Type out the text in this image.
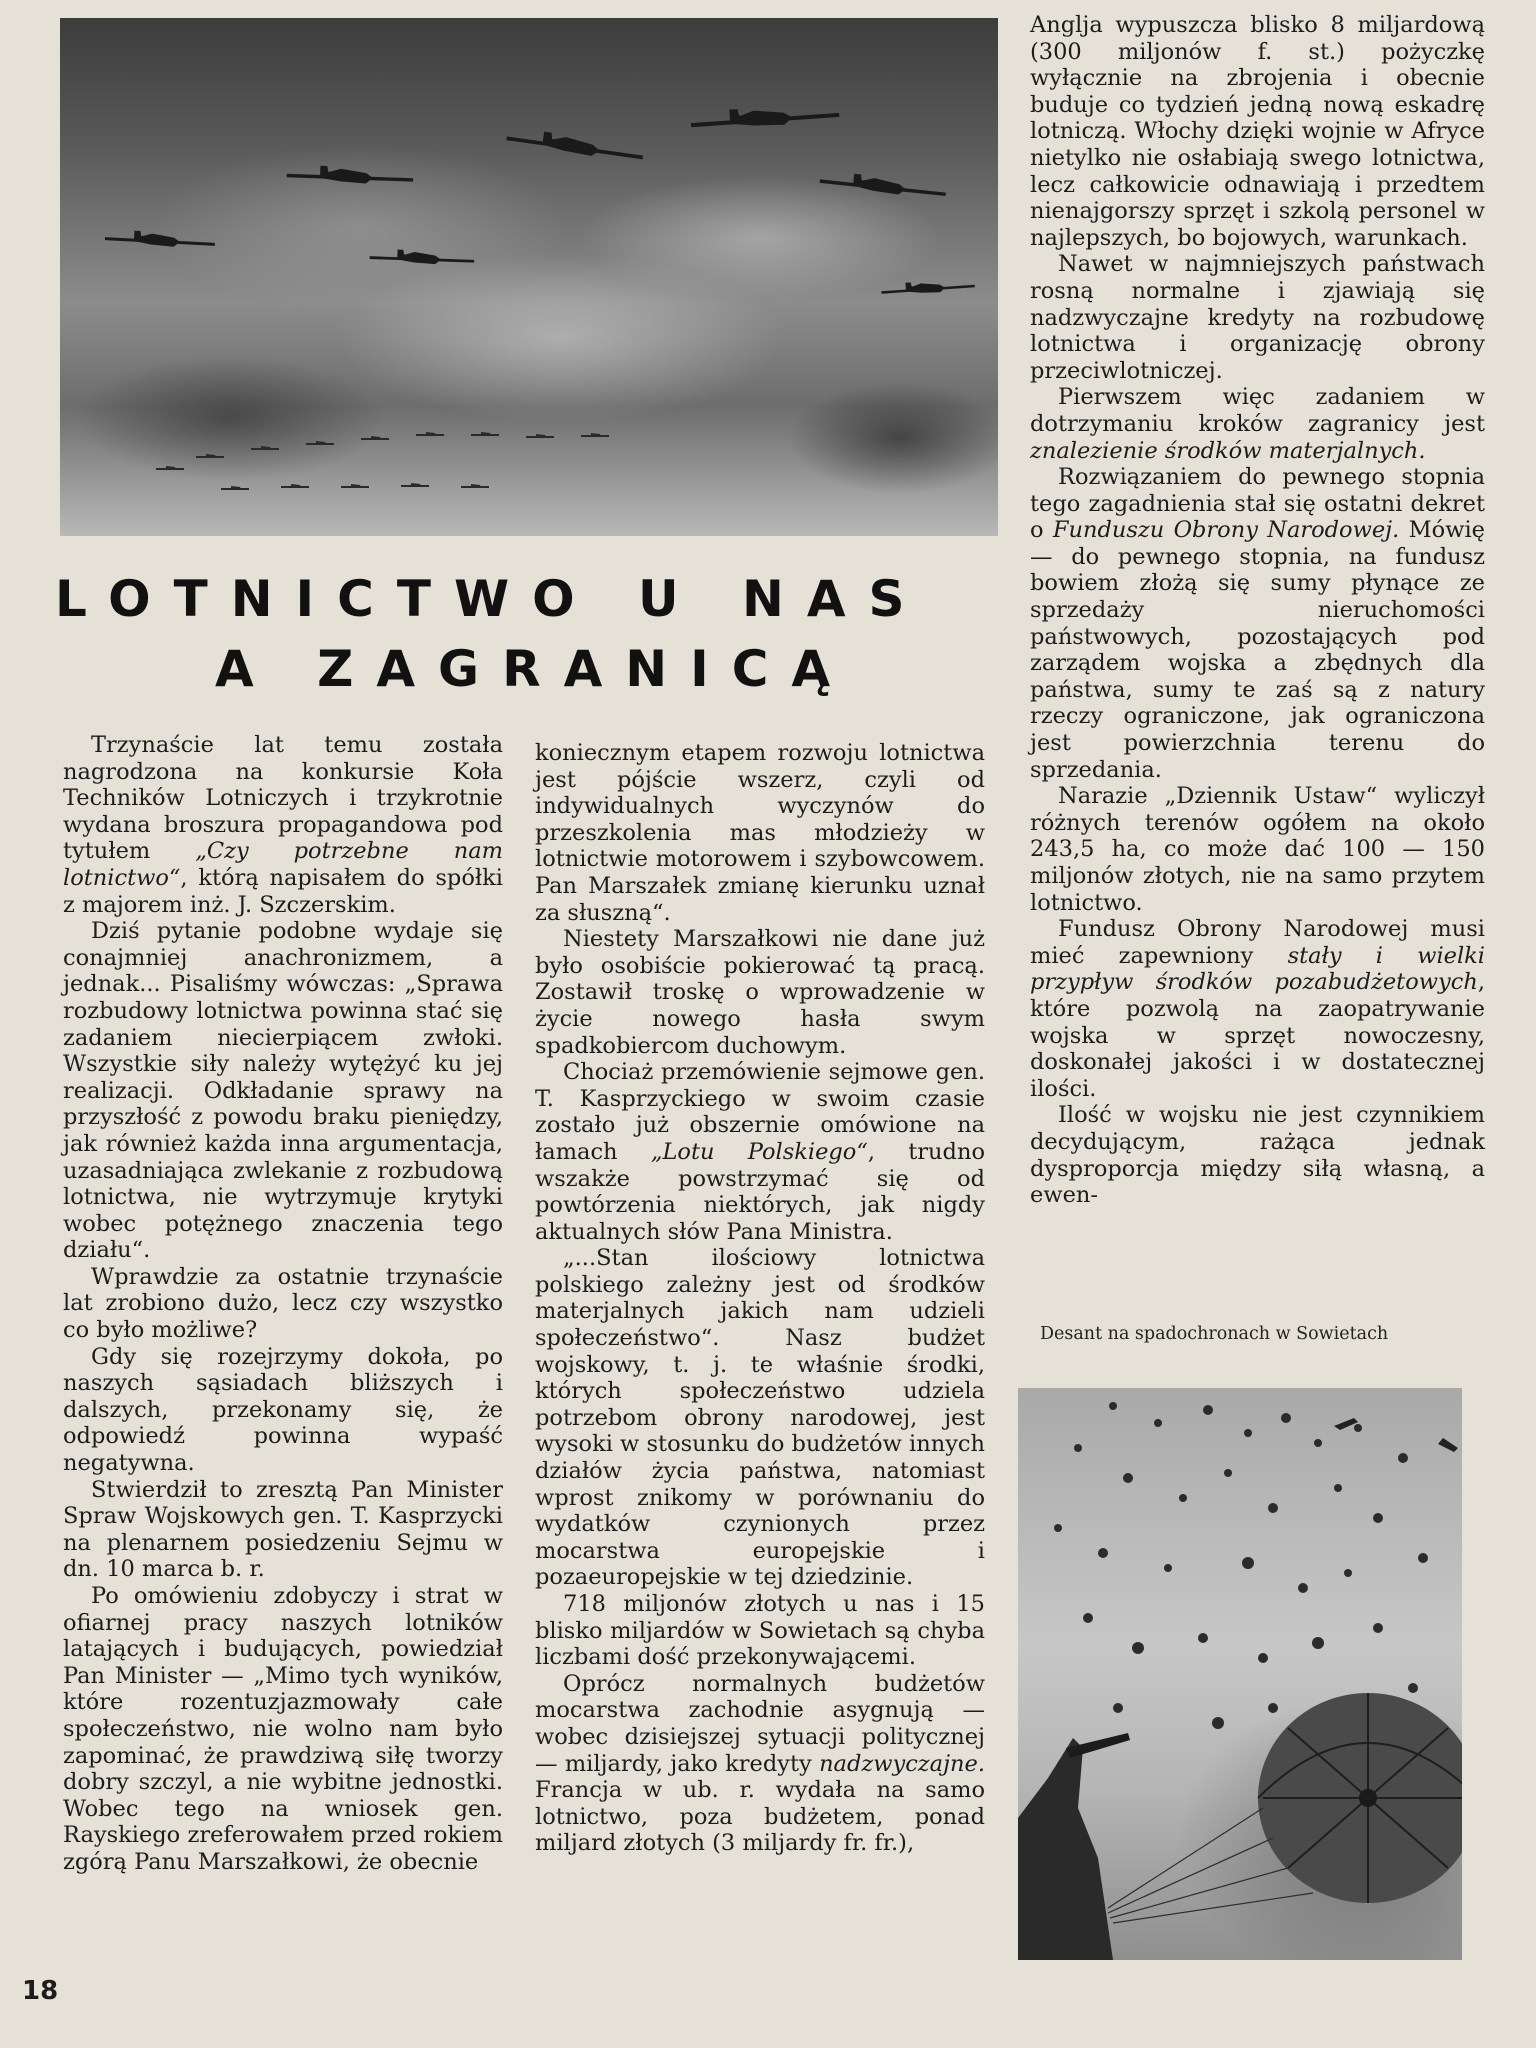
LOTNICTWO U NAS
A ZAGRANICĄ

Trzynaście lat temu została nagrodzona na konkursie Koła Techników Lotniczych i trzykrotnie wydana broszura propagandowa pod tytułem „Czy potrzebne nam lotnictwo“, którą napisałem do spółki z majorem inż. J. Szczerskim.

Dziś pytanie podobne wydaje się conajmniej anachronizmem, a jednak... Pisaliśmy wówczas: „Sprawa rozbudowy lotnictwa powinna stać się zadaniem niecierpiącem zwłoki. Wszystkie siły należy wytężyć ku jej realizacji. Odkładanie sprawy na przyszłość z powodu braku pieniędzy, jak również każda inna argumentacja, uzasadniająca zwlekanie z rozbudową lotnictwa, nie wytrzymuje krytyki wobec potężnego znaczenia tego działu“.

Wprawdzie za ostatnie trzynaście lat zrobiono dużo, lecz czy wszystko co było możliwe?

Gdy się rozejrzymy dokoła, po naszych sąsiadach bliższych i dalszych, przekonamy się, że odpowiedź powinna wypaść negatywna.

Stwierdził to zresztą Pan Minister Spraw Wojskowych gen. T. Kasprzycki na plenarnem posiedzeniu Sejmu w dn. 10 marca b. r.

Po omówieniu zdobyczy i strat w ofiarnej pracy naszych lotników latających i budujących, powiedział Pan Minister — „Mimo tych wyników, które rozentuzjazmowały całe społeczeństwo, nie wolno nam było zapominać, że prawdziwą siłę tworzy dobry szczyl, a nie wybitne jednostki. Wobec tego na wniosek gen. Rayskiego zreferowałem przed rokiem zgórą Panu Marszałkowi, że obecnie

koniecznym etapem rozwoju lotnictwa jest pójście wszerz, czyli od indywidualnych wyczynów do przeszkolenia mas młodzieży w lotnictwie motorowem i szybowcowem. Pan Marszałek zmianę kierunku uznał za słuszną“.

Niestety Marszałkowi nie dane już było osobiście pokierować tą pracą. Zostawił troskę o wprowadzenie w życie nowego hasła swym spadkobiercom duchowym.

Chociaż przemówienie sejmowe gen. T. Kasprzyckiego w swoim czasie zostało już obszernie omówione na łamach „Lotu Polskiego“, trudno wszakże powstrzymać się od powtórzenia niektórych, jak nigdy aktualnych słów Pana Ministra.

„...Stan ilościowy lotnictwa polskiego zależny jest od środków materjalnych jakich nam udzieli społeczeństwo“. Nasz budżet wojskowy, t. j. te właśnie środki, których społeczeństwo udziela potrzebom obrony narodowej, jest wysoki w stosunku do budżetów innych działów życia państwa, natomiast wprost znikomy w porównaniu do wydatków czynionych przez mocarstwa europejskie i pozaeuropejskie w tej dziedzinie.

718 miljonów złotych u nas i 15 blisko miljardów w Sowietach są chyba liczbami dość przekonywającemi.

Oprócz normalnych budżetów mocarstwa zachodnie asygnują — wobec dzisiejszej sytuacji politycznej — miljardy, jako kredyty nadzwyczajne. Francja w ub. r. wydała na samo lotnictwo, poza budżetem, ponad miljard złotych (3 miljardy fr. fr.),

Anglja wypuszcza blisko 8 miljardową (300 miljonów f. st.) pożyczkę wyłącznie na zbrojenia i obecnie buduje co tydzień jedną nową eskadrę lotniczą. Włochy dzięki wojnie w Afryce nietylko nie osłabiają swego lotnictwa, lecz całkowicie odnawiają i przedtem nienajgorszy sprzęt i szkolą personel w najlepszych, bo bojowych, warunkach.

Nawet w najmniejszych państwach rosną normalne i zjawiają się nadzwyczajne kredyty na rozbudowę lotnictwa i organizację obrony przeciwlotniczej.

Pierwszem więc zadaniem w dotrzymaniu kroków zagranicy jest znalezienie środków materjalnych.

Rozwiązaniem do pewnego stopnia tego zagadnienia stał się ostatni dekret o Funduszu Obrony Narodowej. Mówię — do pewnego stopnia, na fundusz bowiem złożą się sumy płynące ze sprzedaży nieruchomości państwowych, pozostających pod zarządem wojska a zbędnych dla państwa, sumy te zaś są z natury rzeczy ograniczone, jak ograniczona jest powierzchnia terenu do sprzedania.

Narazie „Dziennik Ustaw“ wyliczył różnych terenów ogółem na około 243,5 ha, co może dać 100 — 150 miljonów złotych, nie na samo przytem lotnictwo.

Fundusz Obrony Narodowej musi mieć zapewniony stały i wielki przypływ środków pozabudżetowych, które pozwolą na zaopatrywanie wojska w sprzęt nowoczesny, doskonałej jakości i w dostatecznej ilości.

Ilość w wojsku nie jest czynnikiem decydującym, rażąca jednak dysproporcja między siłą własną, a ewen-

Desant na spadochronach w Sowietach
18
